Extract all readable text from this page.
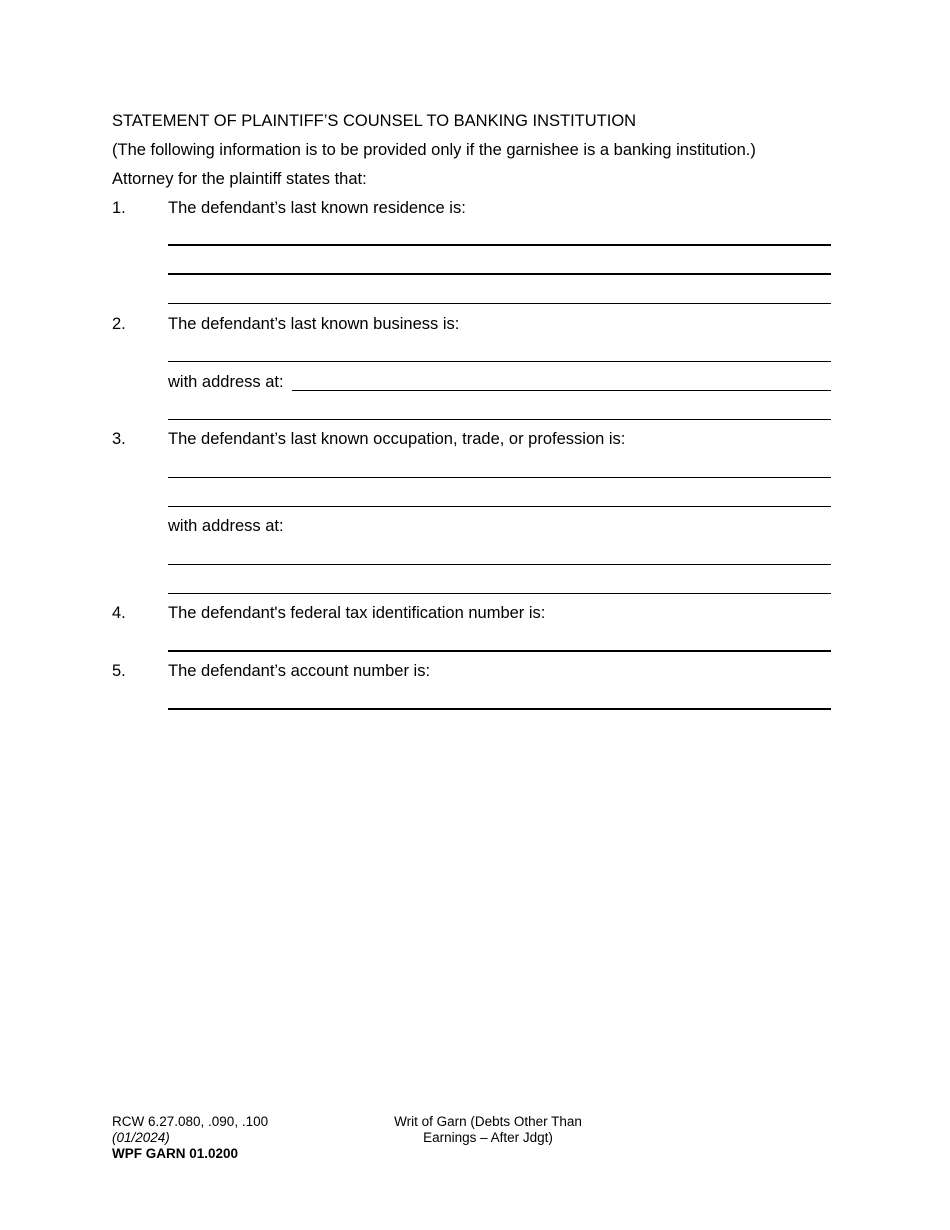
STATEMENT OF PLAINTIFF’S COUNSEL TO BANKING INSTITUTION
(The following information is to be provided only if the garnishee is a banking institution.)
Attorney for the plaintiff states that:
1.	The defendant’s last known residence is:
2.	The defendant’s last known business is:
with address at:
3.	The defendant’s last known occupation, trade, or profession is:
with address at:
4.	The defendant's federal tax identification number is:
5.	The defendant’s account number is:
RCW 6.27.080, .090, .100
(01/2024)
WPF GARN 01.0200
Writ of Garn (Debts Other Than
Earnings – After Jdgt)
